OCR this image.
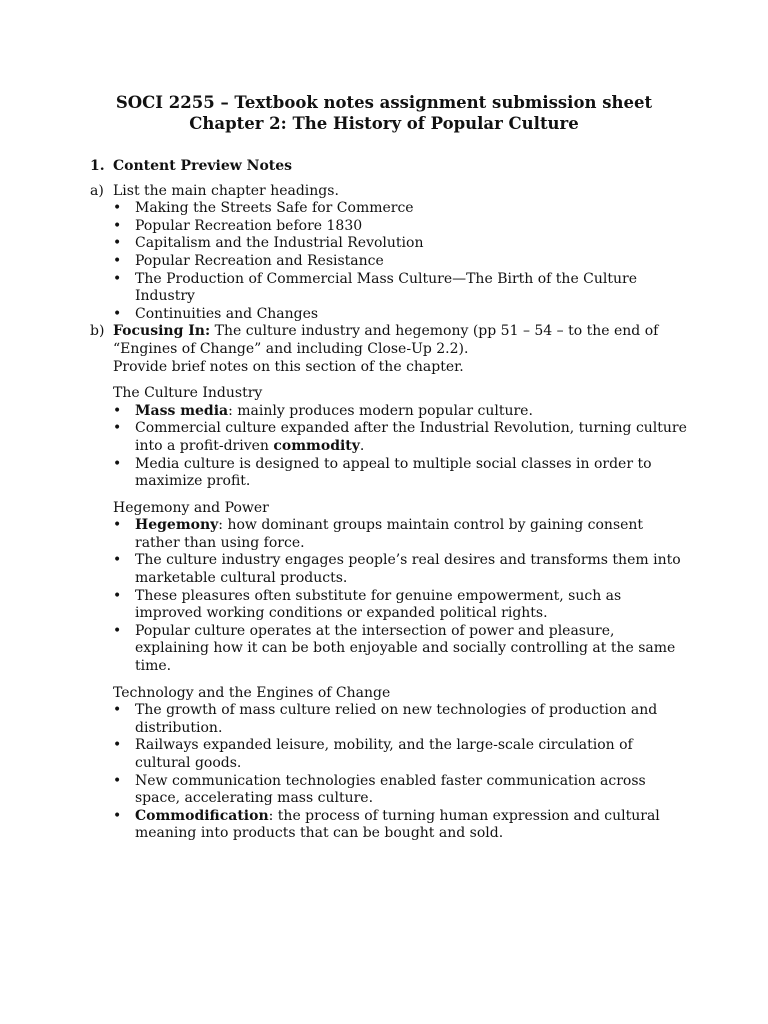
SOCI 2255 – Textbook notes assignment submission sheet
Chapter 2: The History of Popular Culture
1. Content Preview Notes
a) List the main chapter headings.
• Making the Streets Safe for Commerce
• Popular Recreation before 1830
• Capitalism and the Industrial Revolution
• Popular Recreation and Resistance
• The Production of Commercial Mass Culture—The Birth of the Culture Industry
• Continuities and Changes
b) Focusing In: The culture industry and hegemony (pp 51 – 54 – to the end of “Engines of Change” and including Close-Up 2.2).
Provide brief notes on this section of the chapter.
The Culture Industry
• Mass media: mainly produces modern popular culture.
• Commercial culture expanded after the Industrial Revolution, turning culture into a profit-driven commodity.
• Media culture is designed to appeal to multiple social classes in order to maximize profit.
Hegemony and Power
• Hegemony: how dominant groups maintain control by gaining consent rather than using force.
• The culture industry engages people’s real desires and transforms them into marketable cultural products.
• These pleasures often substitute for genuine empowerment, such as improved working conditions or expanded political rights.
• Popular culture operates at the intersection of power and pleasure, explaining how it can be both enjoyable and socially controlling at the same time.
Technology and the Engines of Change
• The growth of mass culture relied on new technologies of production and distribution.
• Railways expanded leisure, mobility, and the large-scale circulation of cultural goods.
• New communication technologies enabled faster communication across space, accelerating mass culture.
• Commodification: the process of turning human expression and cultural meaning into products that can be bought and sold.
